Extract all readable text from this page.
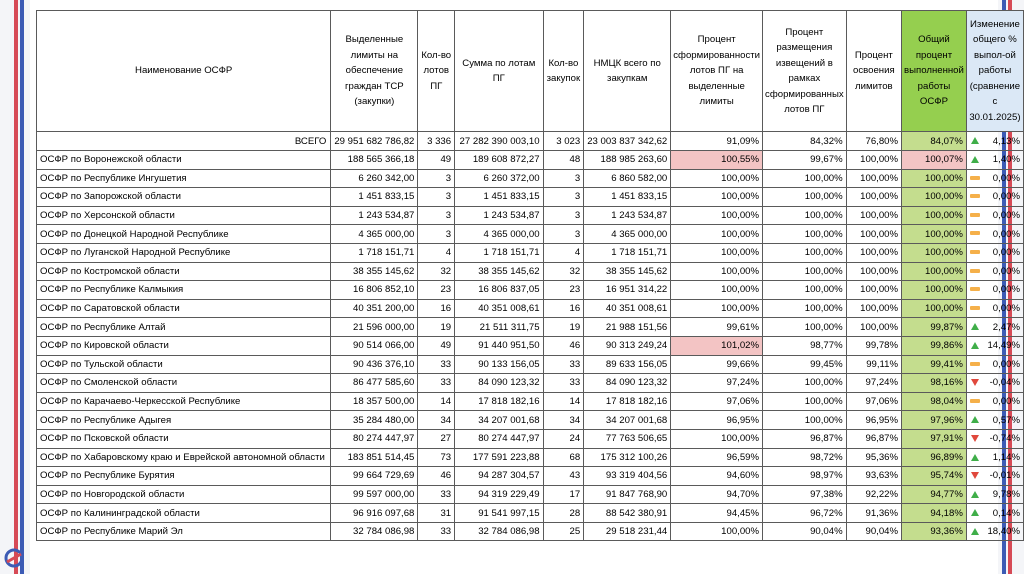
Наименование ОСФР	Выделенные лимиты на обеспечение граждан ТСР (закупки)	Кол-во лотов ПГ	Сумма по лотам ПГ	Кол-во закупок	НМЦК всего по закупкам	Процент сформированности лотов ПГ на выделенные лимиты	Процент размещения извещений в рамках сформированных лотов ПГ	Процент освоения лимитов	Общий процент выполненной работы ОСФР	Изменение общего % выпол-ой работы (сравнение с 30.01.2025)
ВСЕГО	29 951 682 786,82	3 336	27 282 390 003,10	3 023	23 003 837 342,62	91,09%	84,32%	76,80%	84,07%	4,13%
ОСФР по Воронежской области	188 565 366,18	49	189 608 872,27	48	188 985 263,60	100,55%	99,67%	100,00%	100,07%	1,40%
ОСФР по Республике Ингушетия	6 260 342,00	3	6 260 372,00	3	6 860 582,00	100,00%	100,00%	100,00%	100,00%	0,00%
ОСФР по Запорожской области	1 451 833,15	3	1 451 833,15	3	1 451 833,15	100,00%	100,00%	100,00%	100,00%	0,00%
ОСФР по Херсонской области	1 243 534,87	3	1 243 534,87	3	1 243 534,87	100,00%	100,00%	100,00%	100,00%	0,00%
ОСФР по Донецкой Народной Республике	4 365 000,00	3	4 365 000,00	3	4 365 000,00	100,00%	100,00%	100,00%	100,00%	0,00%
ОСФР по Луганской Народной Республике	1 718 151,71	4	1 718 151,71	4	1 718 151,71	100,00%	100,00%	100,00%	100,00%	0,00%
ОСФР по Костромской области	38 355 145,62	32	38 355 145,62	32	38 355 145,62	100,00%	100,00%	100,00%	100,00%	0,00%
ОСФР по Республике Калмыкия	16 806 852,10	23	16 806 837,05	23	16 951 314,22	100,00%	100,00%	100,00%	100,00%	0,00%
ОСФР по Саратовской области	40 351 200,00	16	40 351 008,61	16	40 351 008,61	100,00%	100,00%	100,00%	100,00%	0,00%
ОСФР по Республике Алтай	21 596 000,00	19	21 511 311,75	19	21 988 151,56	99,61%	100,00%	100,00%	99,87%	2,47%
ОСФР по Кировской области	90 514 066,00	49	91 440 951,50	46	90 313 249,24	101,02%	98,77%	99,78%	99,86%	14,49%
ОСФР по Тульской области	90 436 376,10	33	90 133 156,05	33	89 633 156,05	99,66%	99,45%	99,11%	99,41%	0,00%
ОСФР по Смоленской области	86 477 585,60	33	84 090 123,32	33	84 090 123,32	97,24%	100,00%	97,24%	98,16%	-0,04%
ОСФР по Карачаево-Черкесской Республике	18 357 500,00	14	17 818 182,16	14	17 818 182,16	97,06%	100,00%	97,06%	98,04%	0,00%
ОСФР по Республике Адыгея	35 284 480,00	34	34 207 001,68	34	34 207 001,68	96,95%	100,00%	96,95%	97,96%	0,57%
ОСФР по Псковской области	80 274 447,97	27	80 274 447,97	24	77 763 506,65	100,00%	96,87%	96,87%	97,91%	-0,74%
ОСФР по Хабаровскому краю и Еврейской автономной области	183 851 514,45	73	177 591 223,88	68	175 312 100,26	96,59%	98,72%	95,36%	96,89%	1,14%
ОСФР по Республике Бурятия	99 664 729,69	46	94 287 304,57	43	93 319 404,56	94,60%	98,97%	93,63%	95,74%	-0,01%
ОСФР по Новгородской области	99 597 000,00	33	94 319 229,49	17	91 847 768,90	94,70%	97,38%	92,22%	94,77%	9,78%
ОСФР по Калининградской области	96 916 097,68	31	91 541 997,15	28	88 542 380,91	94,45%	96,72%	91,36%	94,18%	0,14%
ОСФР по Республике Марий Эл	32 784 086,98	33	32 784 086,98	25	29 518 231,44	100,00%	90,04%	90,04%	93,36%	18,40%
